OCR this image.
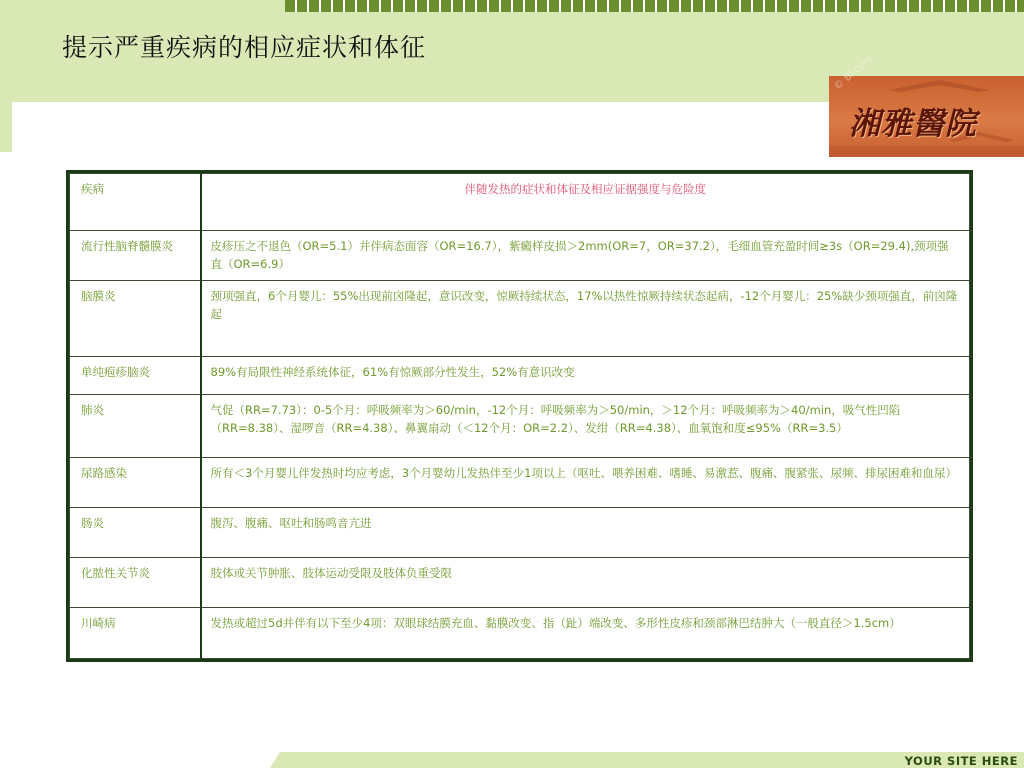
提示严重疾病的相应症状和体征
© Bl.com
湘雅醫院
疾病	伴随发热的症状和体征及相应证据强度与危险度
流行性脑脊髓膜炎	皮疹压之不退色（OR=5.1）并伴病态面容（OR=16.7），紫癜样皮损＞2mm(OR=7，OR=37.2），毛细血管充盈时间≥3s（OR=29.4),颈项强直（OR=6.9）
脑膜炎	颈项强直，6个月婴儿：55%出现前囟隆起，意识改变，惊厥持续状态，17%以热性惊厥持续状态起病，-12个月婴儿：25%缺少颈项强直，前囟隆起
单纯疱疹脑炎	89%有局限性神经系统体征，61%有惊厥部分性发生，52%有意识改变
肺炎	气促（RR=7.73）：0-5个月：呼吸频率为＞60/min，-12个月：呼吸频率为＞50/min，＞12个月：呼吸频率为＞40/min，吸气性凹陷（RR=8.38）、湿啰音（RR=4.38）、鼻翼扇动（＜12个月：OR=2.2）、发绀（RR=4.38）、血氧饱和度≤95%（RR=3.5）
尿路感染	所有＜3个月婴儿伴发热时均应考虑，3个月婴幼儿发热伴至少1项以上（呕吐、喂养困难、嗜睡、易激惹、腹痛、腹紧张、尿频、排尿困难和血尿）
肠炎	腹泻、腹痛、呕吐和肠鸣音亢进
化脓性关节炎	肢体或关节肿胀、肢体运动受限及肢体负重受限
川崎病	发热或超过5d并伴有以下至少4项：双眼球结膜充血、黏膜改变、指（趾）端改变、多形性皮疹和颈部淋巴结肿大（一般直径＞1.5cm）
YOUR SITE HERE
